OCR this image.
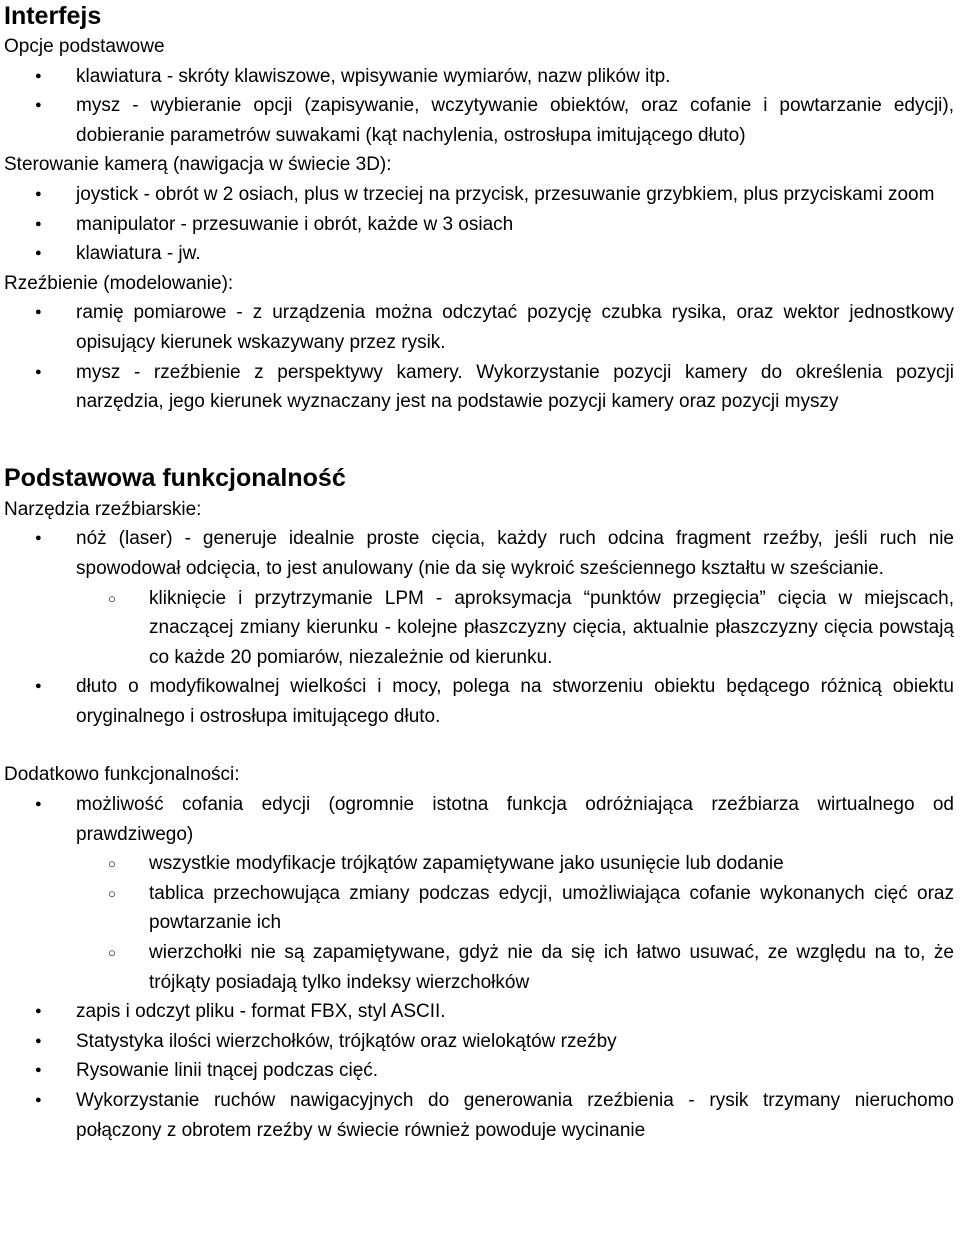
Interfejs

Opcje podstawowe

● klawiatura - skróty klawiszowe, wpisywanie wymiarów, nazw plików itp.
● mysz - wybieranie opcji (zapisywanie, wczytywanie obiektów, oraz cofanie i powtarzanie edycji), dobieranie parametrów suwakami (kąt nachylenia, ostrosłupa imitującego dłuto)

Sterowanie kamerą (nawigacja w świecie 3D):

● joystick - obrót w 2 osiach, plus w trzeciej na przycisk, przesuwanie grzybkiem, plus przyciskami zoom
● manipulator - przesuwanie i obrót, każde w 3 osiach
● klawiatura - jw.

Rzeźbienie (modelowanie):

● ramię pomiarowe - z urządzenia można odczytać pozycję czubka rysika, oraz wektor jednostkowy opisujący kierunek wskazywany przez rysik.
● mysz - rzeźbienie z perspektywy kamery. Wykorzystanie pozycji kamery do określenia pozycji narzędzia, jego kierunek wyznaczany jest na podstawie pozycji kamery oraz pozycji myszy
Podstawowa funkcjonalność

Narzędzia rzeźbiarskie:

● nóż (laser) - generuje idealnie proste cięcia, każdy ruch odcina fragment rzeźby, jeśli ruch nie spowodował odcięcia, to jest anulowany (nie da się wykroić sześciennego kształtu w sześcianie.
○ kliknięcie i przytrzymanie LPM - aproksymacja “punktów przegięcia” cięcia w miejscach, znaczącej zmiany kierunku - kolejne płaszczyzny cięcia, aktualnie płaszczyzny cięcia powstają co każde 20 pomiarów, niezależnie od kierunku.
● dłuto o modyfikowalnej wielkości i mocy, polega na stworzeniu obiektu będącego różnicą obiektu oryginalnego i ostrosłupa imitującego dłuto.

Dodatkowo funkcjonalności:

● możliwość cofania edycji (ogromnie istotna funkcja odróżniająca rzeźbiarza wirtualnego od prawdziwego)
○ wszystkie modyfikacje trójkątów zapamiętywane jako usunięcie lub dodanie
○ tablica przechowująca zmiany podczas edycji, umożliwiająca cofanie wykonanych cięć oraz powtarzanie ich
○ wierzchołki nie są zapamiętywane, gdyż nie da się ich łatwo usuwać, ze względu na to, że trójkąty posiadają tylko indeksy wierzchołków
● zapis i odczyt pliku - format FBX, styl ASCII.
● Statystyka ilości wierzchołków, trójkątów oraz wielokątów rzeźby
● Rysowanie linii tnącej podczas cięć.
● Wykorzystanie ruchów nawigacyjnych do generowania rzeźbienia - rysik trzymany nieruchomo połączony z obrotem rzeźby w świecie również powoduje wycinanie
